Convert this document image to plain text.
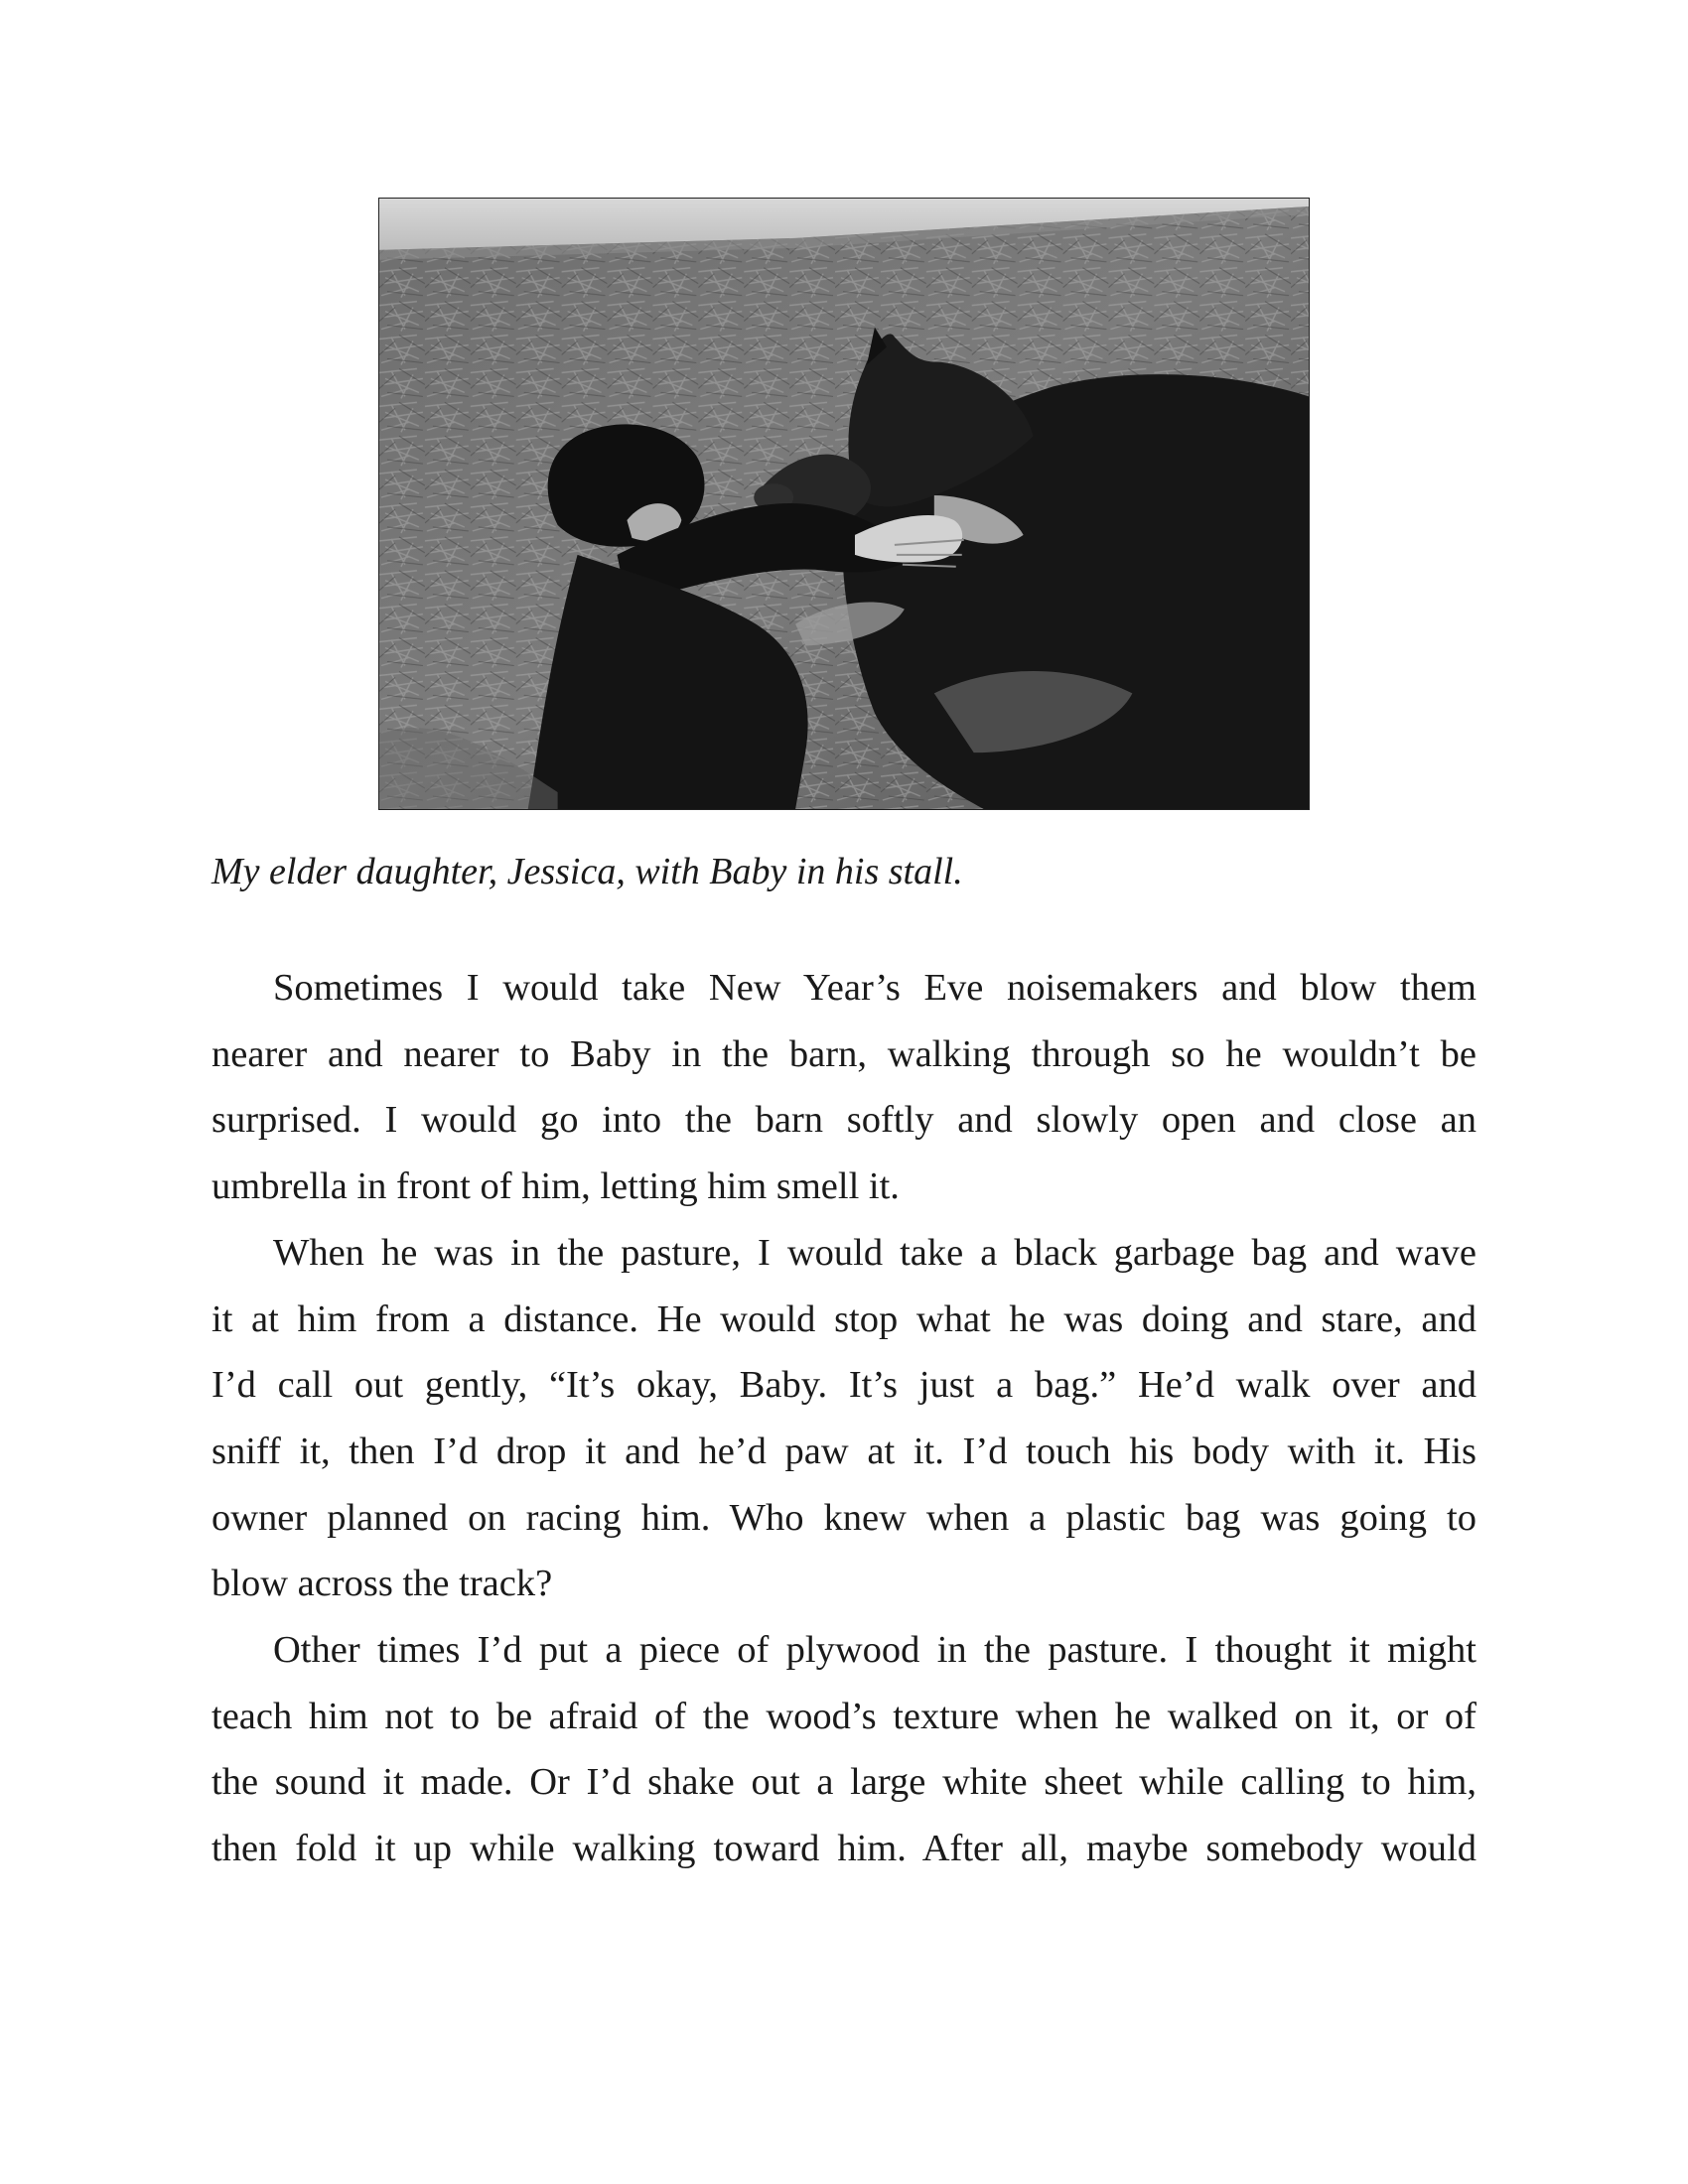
My elder daughter, Jessica, with Baby in his stall.

Sometimes I would take New Year’s Eve noisemakers and blow them

nearer and nearer to Baby in the barn, walking through so he wouldn’t be

surprised. I would go into the barn softly and slowly open and close an

umbrella in front of him, letting him smell it.

When he was in the pasture, I would take a black garbage bag and wave

it at him from a distance. He would stop what he was doing and stare, and

I’d call out gently, “It’s okay, Baby. It’s just a bag.” He’d walk over and

sniff it, then I’d drop it and he’d paw at it. I’d touch his body with it. His

owner planned on racing him. Who knew when a plastic bag was going to

blow across the track?

Other times I’d put a piece of plywood in the pasture. I thought it might

teach him not to be afraid of the wood’s texture when he walked on it, or of

the sound it made. Or I’d shake out a large white sheet while calling to him,

then fold it up while walking toward him. After all, maybe somebody would
